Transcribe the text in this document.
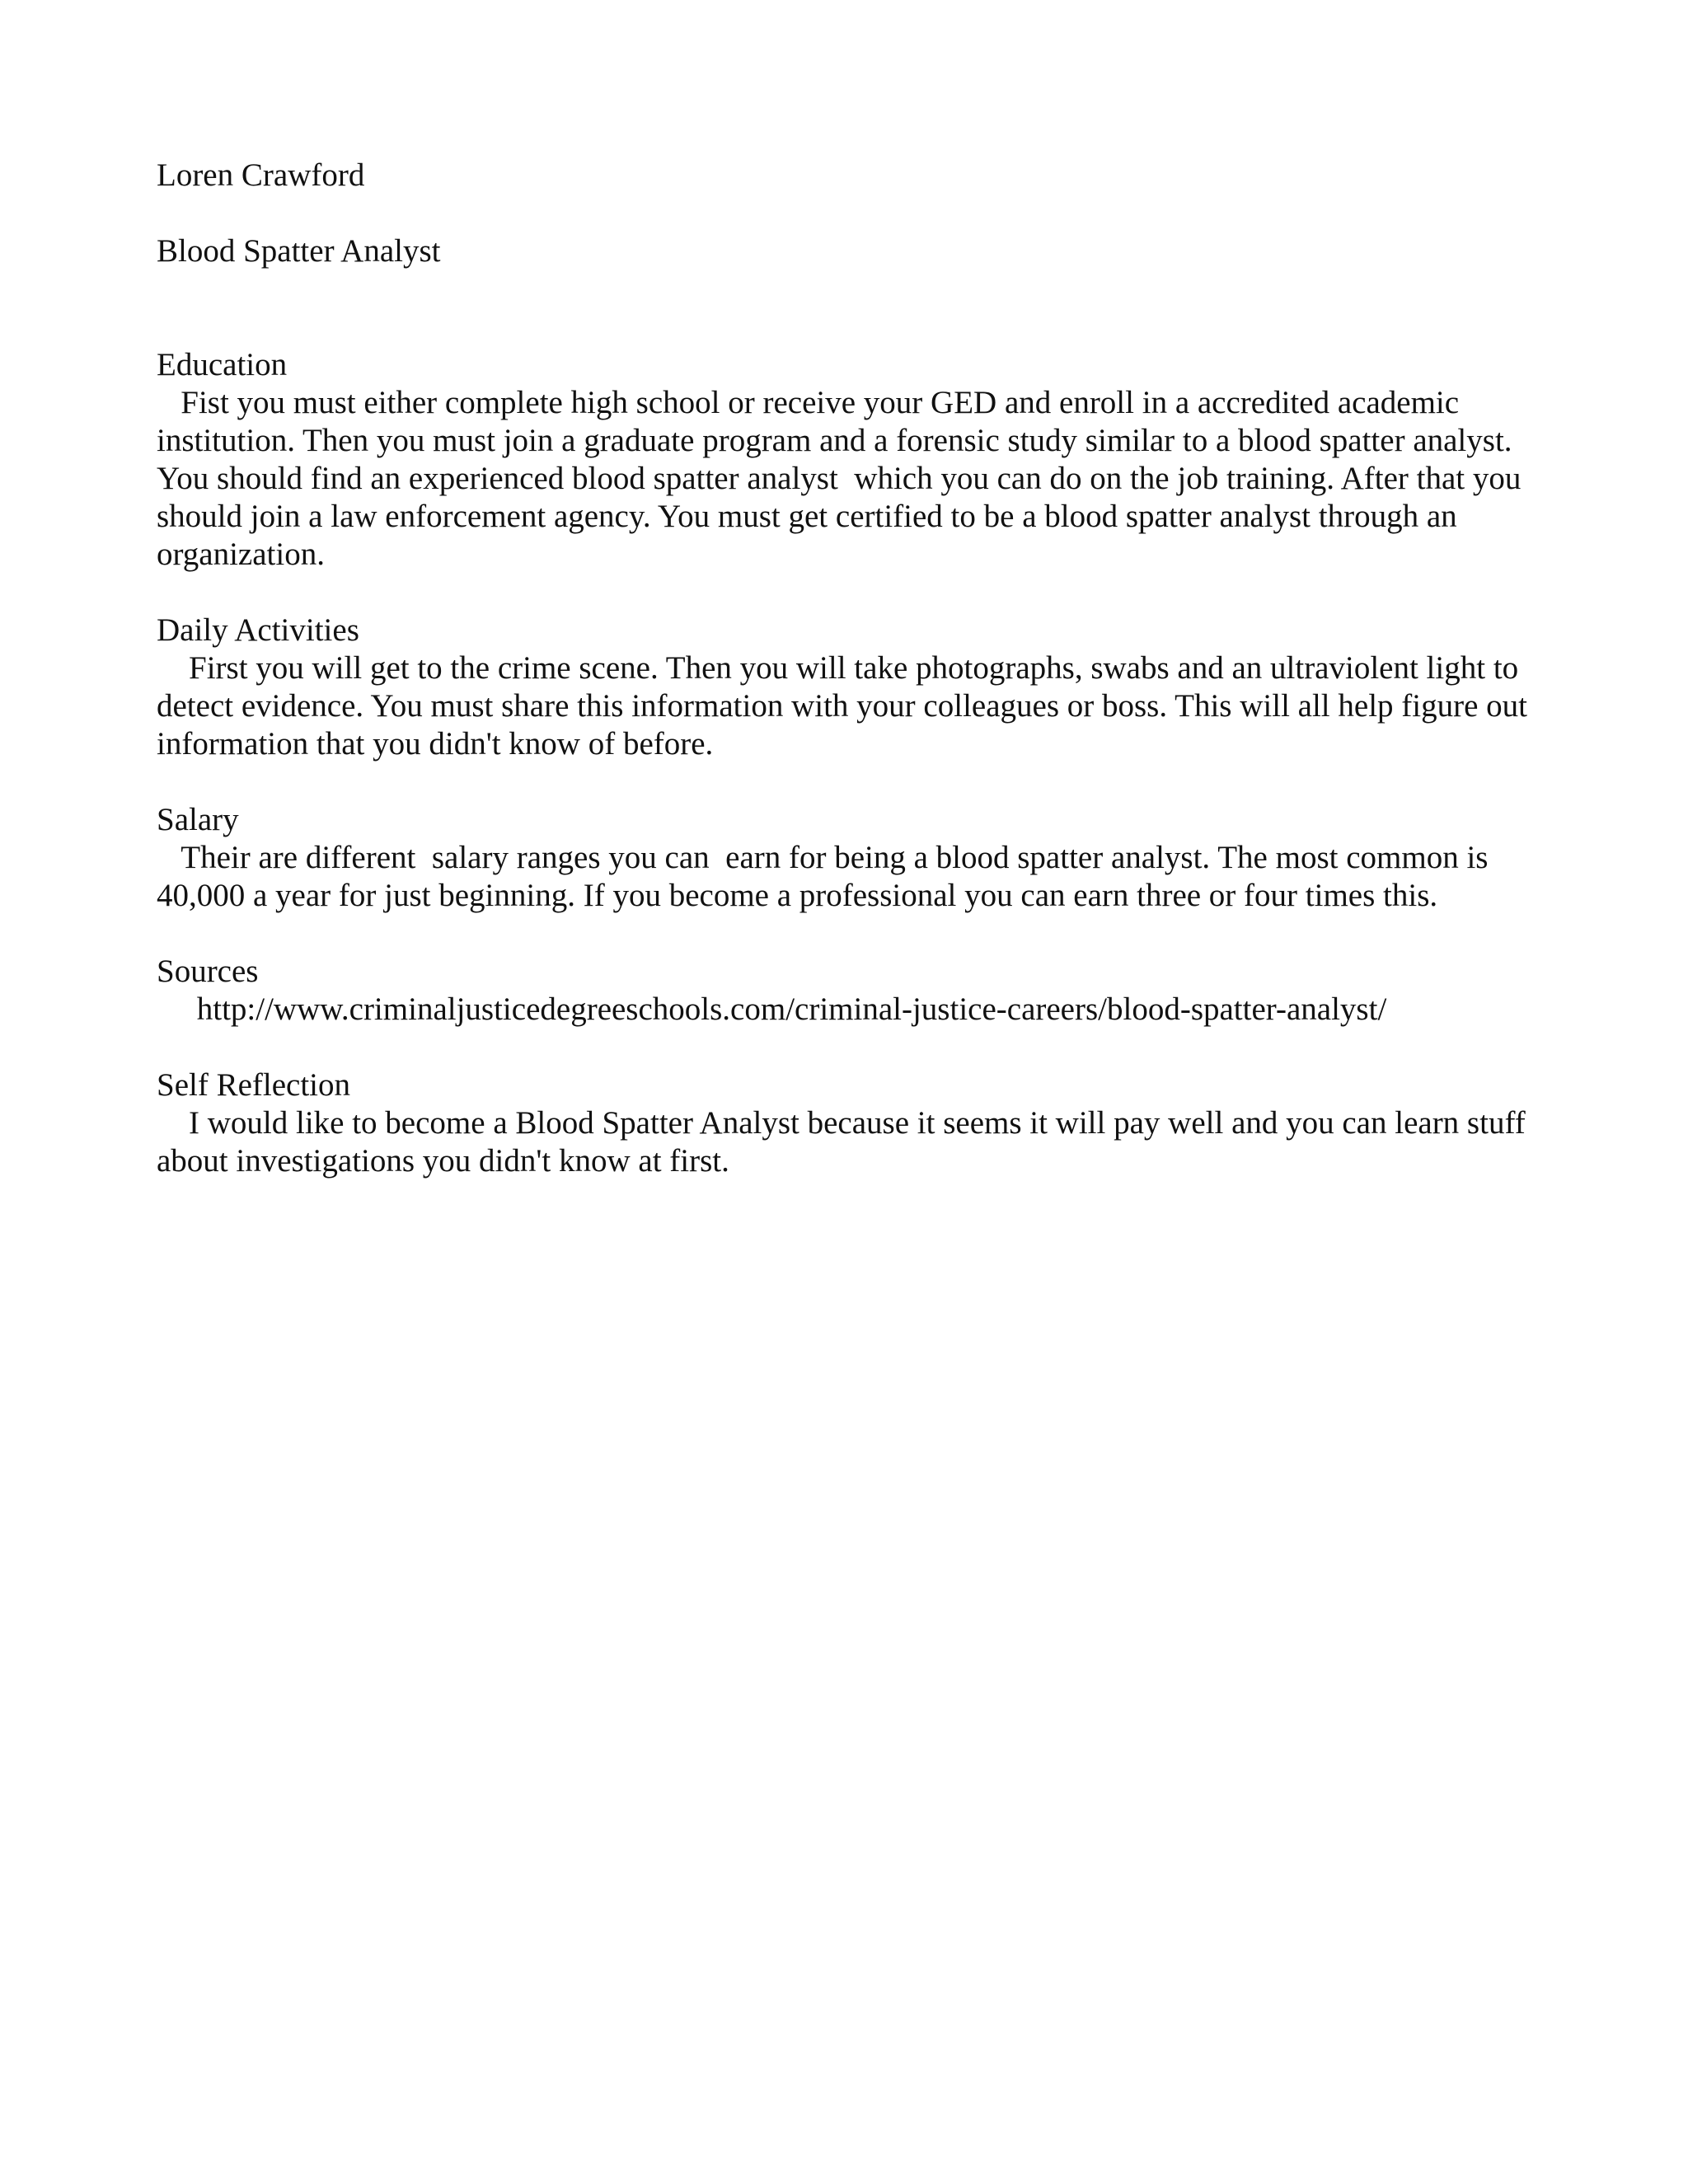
Loren Crawford

Blood Spatter Analyst

Education

Fist you must either complete high school or receive your GED and enroll in a accredited academic institution. Then you must join a graduate program and a forensic study similar to a blood spatter analyst. You should find an experienced blood spatter analyst  which you can do on the job training. After that you should join a law enforcement agency. You must get certified to be a blood spatter analyst through an organization.

Daily Activities

First you will get to the crime scene. Then you will take photographs, swabs and an ultraviolent light to detect evidence. You must share this information with your colleagues or boss. This will all help figure out information that you didn't know of before.

Salary

Their are different  salary ranges you can  earn for being a blood spatter analyst. The most common is 40,000 a year for just beginning. If you become a professional you can earn three or four times this.

Sources

http://www.criminaljusticedegreeschools.com/criminal-justice-careers/blood-spatter-analyst/

Self Reflection

I would like to become a Blood Spatter Analyst because it seems it will pay well and you can learn stuff about investigations you didn't know at first.
